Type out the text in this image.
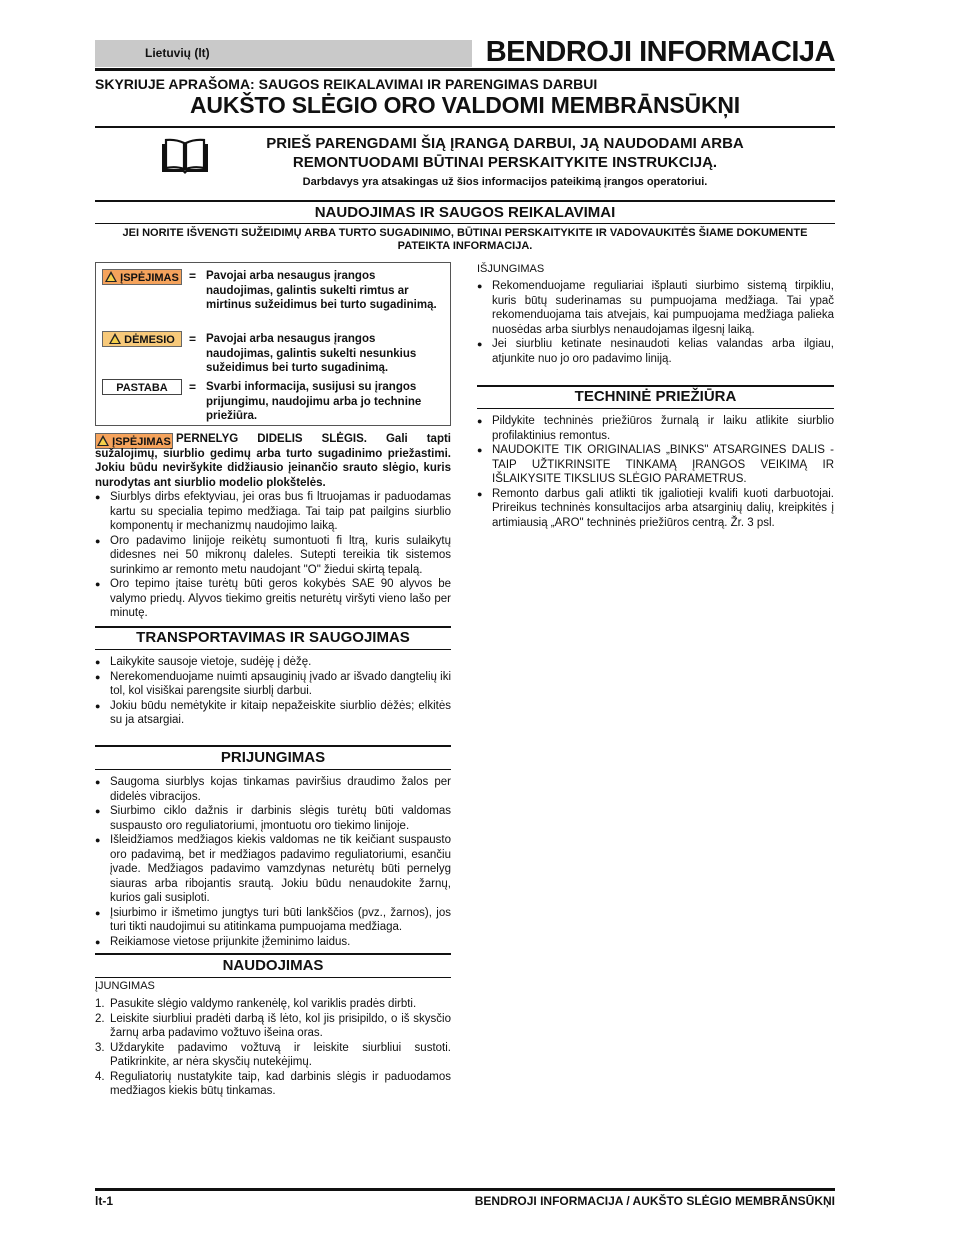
Lietuvių (lt)	BENDROJI INFORMACIJA
SKYRIUJE APRAŠOMA: SAUGOS REIKALAVIMAI IR PARENGIMAS DARBUI
AUKŠTO SLĖGIO ORO VALDOMI MEMBRĀNSŪKŅI
PRIEŠ PARENGDAMI ŠIĄ ĮRANGĄ DARBUI, JĄ NAUDODAMI ARBA REMONTUODAMI BŪTINAI PERSKAITYKITE INSTRUKCIJĄ.
Darbdavys yra atsakingas už šios informacijos pateikimą įrangos operatoriui.
NAUDOJIMAS IR SAUGOS REIKALAVIMAI
JEI NORITE IŠVENGTI SUŽEIDIMŲ ARBA TURTO SUGADINIMO, BŪTINAI PERSKAITYKITE IR VADOVAUKITĖS ŠIAME DOKUMENTE PATEIKTA INFORMACIJA.
ĮSPĖJIMAS = Pavojai arba nesaugus įrangos naudojimas, galintis sukelti rimtus ar mirtinus sužeidimus bei turto sugadinimą.
DĖMESIO	= Pavojai arba nesaugus įrangos naudojimas, galintis sukelti nesunkius sužeidimus bei turto sugadinimą.
PASTABA	= Svarbi informacija, susijusi su įrangos prijungimu, naudojimu arba jo technine priežiūra.
ĮSPĖJIMAS PERNELYG DIDELIS SLĖGIS. Gali tapti sužalojimų, siurblio gedimų arba turto sugadinimo priežastimi. Jokiu būdu neviršykite didžiausio įeinančio srauto slėgio, kuris nurodytas ant siurblio modelio plokštelės.
● Siurblys dirbs efektyviau, jei oras bus fi ltruojamas ir paduodamas kartu su specialia tepimo medžiaga. Tai taip pat pailgins siurblio komponentų ir mechanizmų naudojimo laiką.
● Oro padavimo linijoje reikėtų sumontuoti fi ltrą, kuris sulaikytų didesnes nei 50 mikronų daleles. Sutepti tereikia tik sistemos surinkimo ar remonto metu naudojant "O" žiedui skirtą tepalą.
● Oro tepimo įtaise turėtų būti geros kokybės SAE 90 alyvos be valymo priedų. Alyvos tiekimo greitis neturėtų viršyti vieno lašo per minutę.
TRANSPORTAVIMAS IR SAUGOJIMAS
● Laikykite sausoje vietoje, sudėję į dėžę.
● Nerekomenduojame nuimti apsauginių įvado ar išvado dangtelių iki tol, kol visiškai parengsite siurblį darbui.
● Jokiu būdu nemėtykite ir kitaip nepažeiskite siurblio dėžės; elkitės su ja atsargiai.
PRIJUNGIMAS
● Saugoma siurblys kojas tinkamas paviršius draudimo žalos per didelės vibracijos.
● Siurbimo ciklo dažnis ir darbinis slėgis turėtų būti valdomas suspausto oro reguliatoriumi, įmontuotu oro tiekimo linijoje.
● Išleidžiamos medžiagos kiekis valdomas ne tik keičiant suspausto oro padavimą, bet ir medžiagos padavimo reguliatoriumi, esančiu įvade. Medžiagos padavimo vamzdynas neturėtų būti pernelyg siauras arba ribojantis srautą. Jokiu būdu nenaudokite žarnų, kurios gali susiploti.
● Įsiurbimo ir išmetimo jungtys turi būti lankščios (pvz., žarnos), jos turi tikti naudojimui su atitinkama pumpuojama medžiaga.
● Reikiamose vietose prijunkite įžeminimo laidus.
NAUDOJIMAS
ĮJUNGIMAS
1. Pasukite slėgio valdymo rankenėlę, kol variklis pradės dirbti.
2. Leiskite siurbliui pradėti darbą iš lėto, kol jis prisipildo, o iš skysčio žarnų arba padavimo vožtuvo išeina oras.
3. Uždarykite padavimo vožtuvą ir leiskite siurbliui sustoti. Patikrinkite, ar nėra skysčių nutekėjimų.
4. Reguliatorių nustatykite taip, kad darbinis slėgis ir paduodamos medžiagos kiekis būtų tinkamas.
IŠJUNGIMAS
● Rekomenduojame reguliariai išplauti siurbimo sistemą tirpikliu, kuris būtų suderinamas su pumpuojama medžiaga. Tai ypač rekomenduojama tais atvejais, kai pumpuojama medžiaga palieka nuosėdas arba siurblys nenaudojamas ilgesnį laiką.
● Jei siurbliu ketinate nesinaudoti kelias valandas arba ilgiau, atjunkite nuo jo oro padavimo liniją.
TECHNINĖ PRIEŽIŪRA
● Pildykite techninės priežiūros žurnalą ir laiku atlikite siurblio profilaktinius remontus.
● NAUDOKITE TIK ORIGINALIAS „BINKS" ATSARGINES DALIS - TAIP UŽTIKRINSITE TINKAMĄ ĮRANGOS VEIKIMĄ IR IŠLAIKYSITE TIKSLIUS SLĖGIO PARAMETRUS.
● Remonto darbus gali atlikti tik įgaliotieji kvalifi kuoti darbuotojai. Prireikus techninės konsultacijos arba atsarginių dalių, kreipkitės į artimiausią „ARO" techninės priežiūros centrą. Žr. 3 psl.
lt-1	BENDROJI INFORMACIJA / AUKŠTO SLĖGIO MEMBRĀNSŪKŅI
